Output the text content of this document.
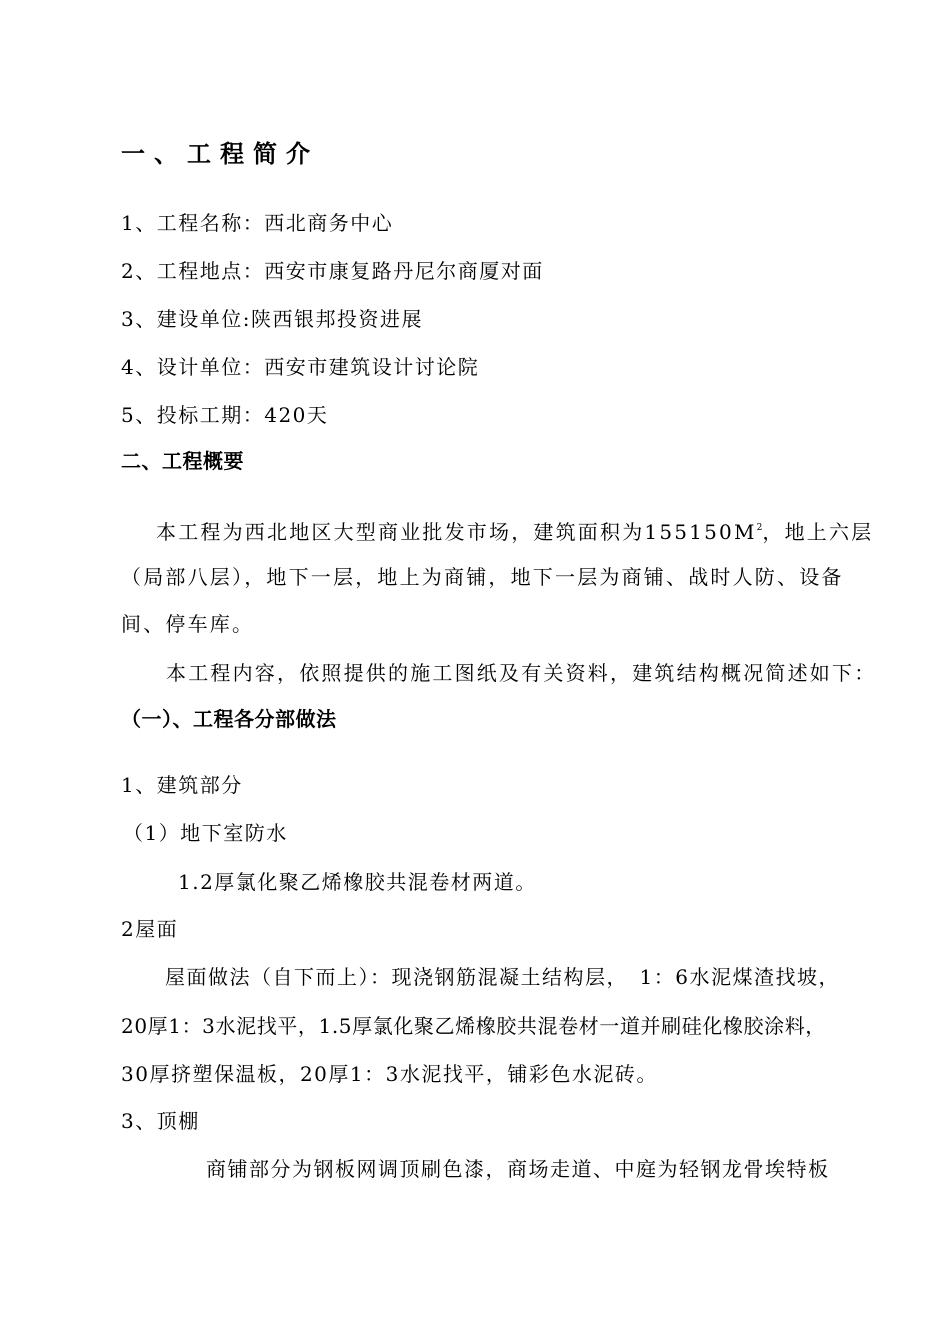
一、工程简介
1、工程名称：西北商务中心
2、工程地点：西安市康复路丹尼尔商厦对面
3、建设单位:陕西银邦投资进展
4、设计单位：西安市建筑设计讨论院
5、投标工期：420天
二、工程概要
本工程为西北地区大型商业批发市场，建筑面积为$155150M^2$，地上六层
（局部八层），地下一层，地上为商铺，地下一层为商铺、战时人防、设备
间、停车库。
本工程内容，依照提供的施工图纸及有关资料，建筑结构概况简述如下：
（一）、工程各分部做法
1、建筑部分
（1）地下室防水
1.2厚氯化聚乙烯橡胶共混卷材两道。
2屋面
屋面做法（自下而上）：现浇钢筋混凝土结构层，　1：6水泥煤渣找坡，
20厚1：3水泥找平，1.5厚氯化聚乙烯橡胶共混卷材一道并刷硅化橡胶涂料，
30厚挤塑保温板，20厚1：3水泥找平，铺彩色水泥砖。
3、顶棚
商铺部分为钢板网调顶刷色漆，商场走道、中庭为轻钢龙骨埃特板
